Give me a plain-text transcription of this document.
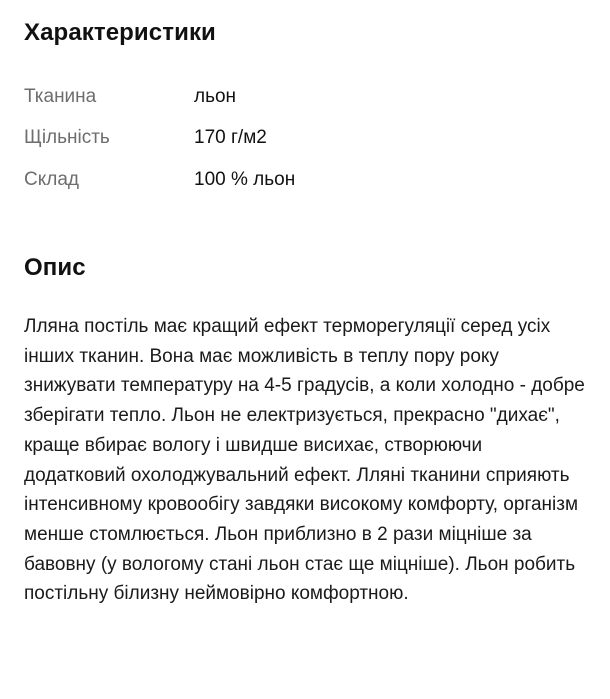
Характеристики
Тканина	льон
Щільність	170 г/м2
Склад	100 % льон
Опис

Лляна постіль має кращий ефект терморегуляції серед усіх інших тканин. Вона має можливість в теплу пору року знижувати температуру на 4-5 градусів, а коли холодно - добре зберігати тепло. Льон не електризується, прекрасно "дихає", краще вбирає вологу і швидше висихає, створюючи додатковий охолоджувальний ефект. Лляні тканини сприяють інтенсивному кровообігу завдяки високому комфорту, організм менше стомлюється. Льон приблизно в 2 рази міцніше за бавовну (у вологому стані льон стає ще міцніше). Льон робить постільну білизну неймовірно комфортною.
